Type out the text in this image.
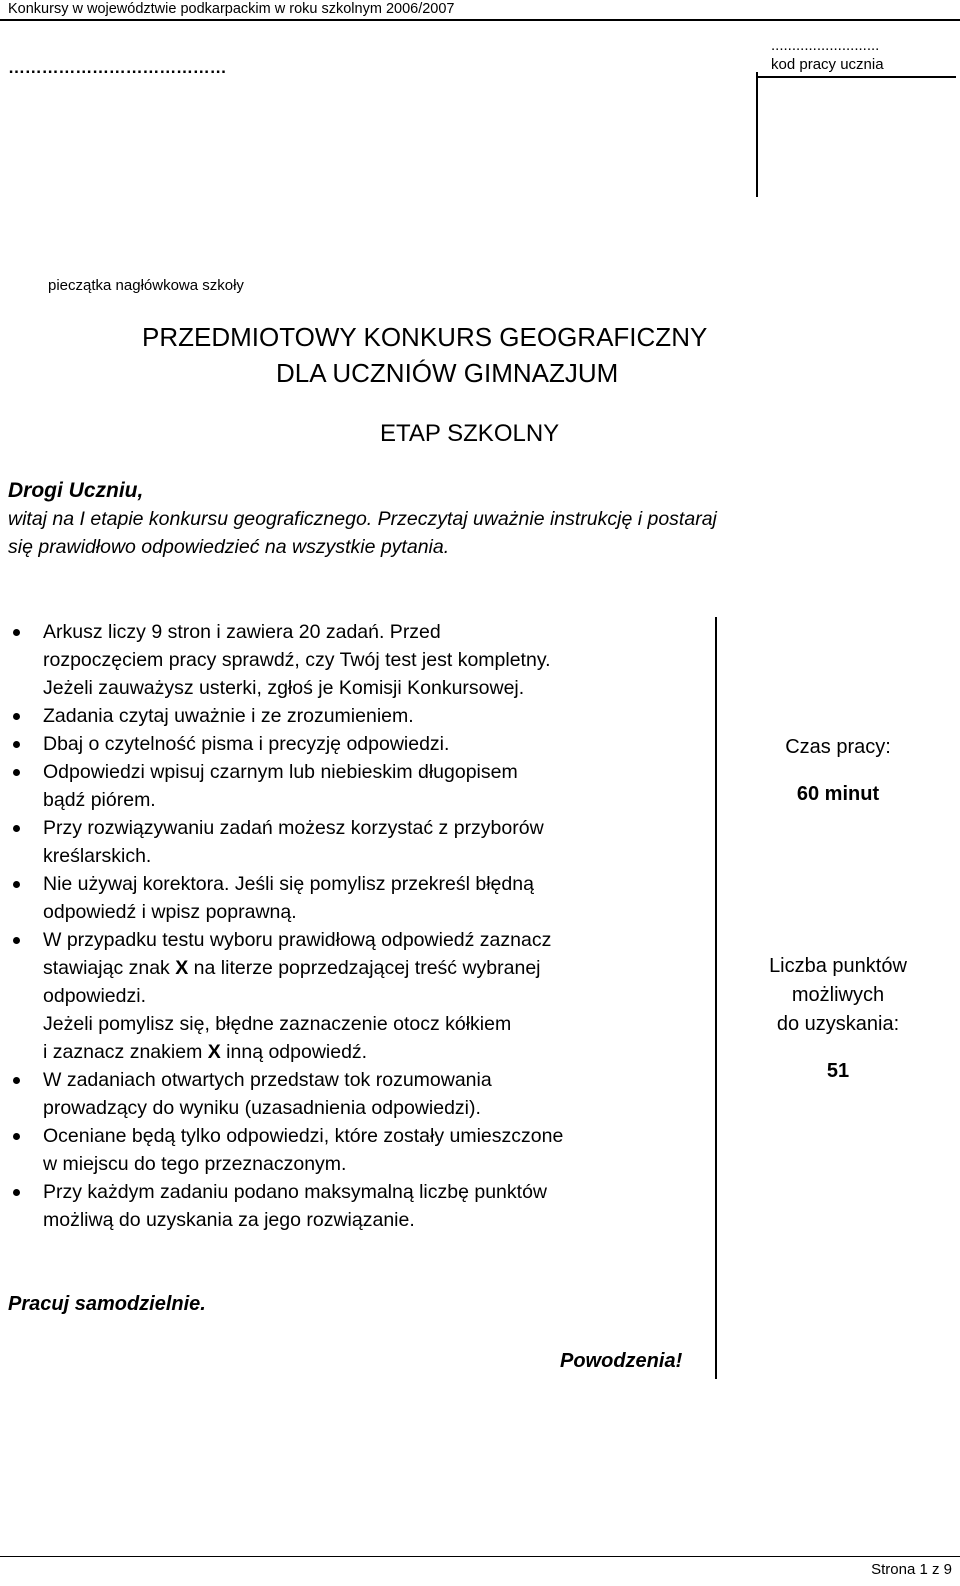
Konkursy w województwie podkarpackim w roku szkolnym 2006/2007
..........................
kod pracy ucznia
…………………………………
pieczątka nagłówkowa szkoły
PRZEDMIOTOWY KONKURS GEOGRAFICZNY
DLA UCZNIÓW GIMNAZJUM
ETAP SZKOLNY
Drogi Uczniu,
witaj na I etapie konkursu geograficznego. Przeczytaj uważnie instrukcję i postaraj
się prawidłowo odpowiedzieć na wszystkie pytania.
Arkusz liczy 9 stron i zawiera 20 zadań. Przed
rozpoczęciem pracy sprawdź, czy Twój test jest kompletny.
Jeżeli zauważysz usterki, zgłoś je Komisji Konkursowej.
Zadania czytaj uważnie i ze zrozumieniem.
Dbaj o czytelność pisma i precyzję odpowiedzi.
Odpowiedzi wpisuj czarnym lub niebieskim długopisem
bądź piórem.
Przy rozwiązywaniu zadań możesz korzystać z przyborów
kreślarskich.
Nie używaj korektora. Jeśli się pomylisz przekreśl błędną
odpowiedź i wpisz poprawną.
W przypadku testu wyboru prawidłową odpowiedź zaznacz
stawiając znak X na literze poprzedzającej treść wybranej
odpowiedzi.
Jeżeli pomylisz się, błędne zaznaczenie otocz kółkiem
i zaznacz znakiem X inną odpowiedź.
W zadaniach otwartych przedstaw tok rozumowania
prowadzący do wyniku (uzasadnienia odpowiedzi).
Oceniane będą tylko odpowiedzi, które zostały umieszczone
w miejscu do tego przeznaczonym.
Przy każdym zadaniu podano maksymalną liczbę punktów
możliwą do uzyskania za jego rozwiązanie.
Czas pracy:
60 minut
Liczba punktów
możliwych
do uzyskania:
51
Pracuj samodzielnie.
Powodzenia!
Strona 1 z 9
